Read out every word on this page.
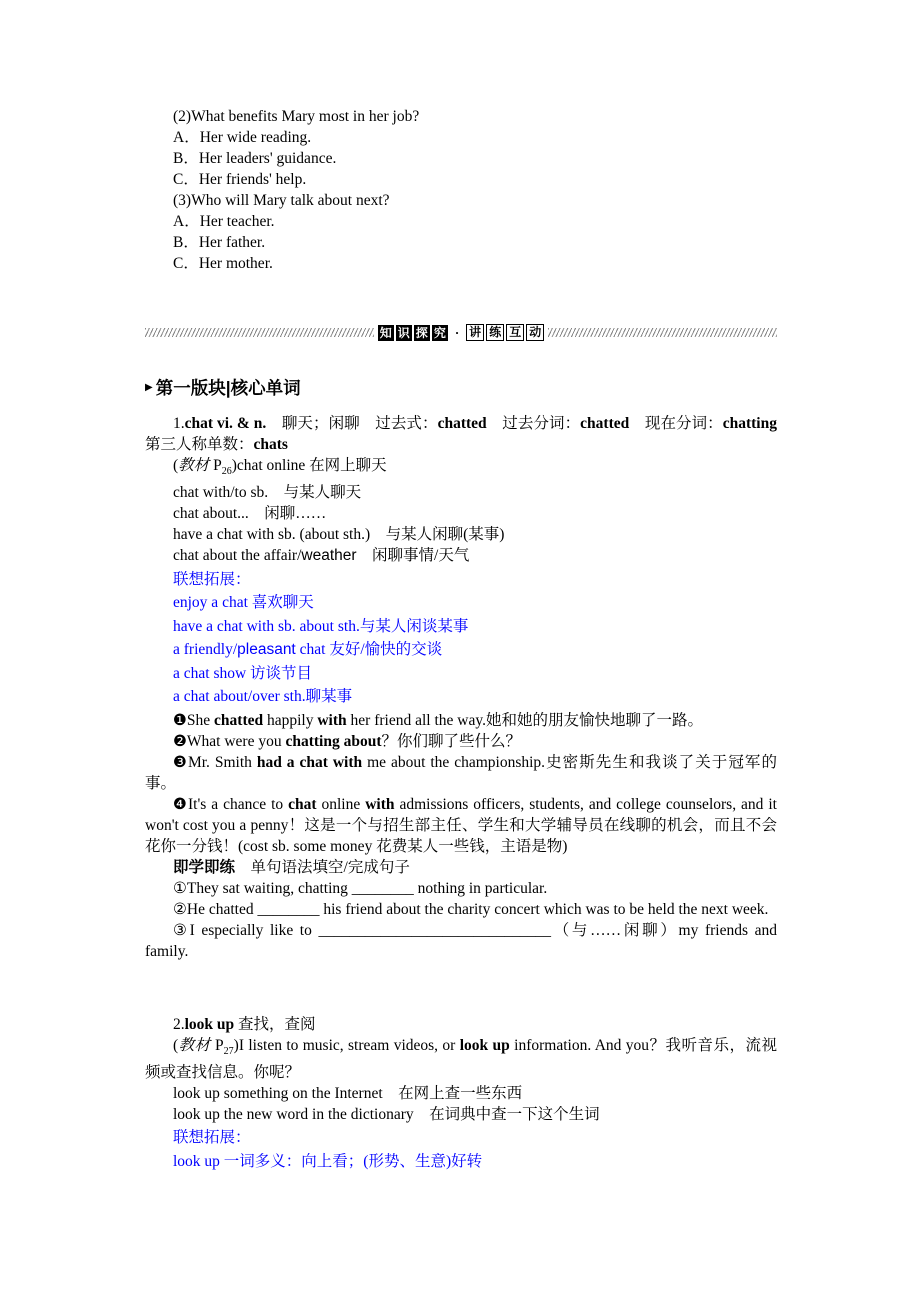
(2)What benefits Mary most in her job?

A．Her wide reading.

B．Her leaders' guidance.

C．Her friends' help.

(3)Who will Mary talk about next?

A．Her teacher.

B．Her father.

C．Her mother.

知 识 探 究 · 讲 练 互 动
▶ 第一版块|核心单词

1.chat vi. & n.　聊天；闲聊　过去式：chatted　过去分词：chatted　现在分词：chatting 第三人称单数：chats

(教材 $P_{26})chat$ online 在网上聊天

chat with/to sb.　与某人聊天

chat about...　闲聊……

have a chat with sb. (about sth.)　与某人闲聊(某事)

chat about the affair/weather　闲聊事情/天气

联想拓展：

enjoy a chat 喜欢聊天

have a chat with sb. about sth.与某人闲谈某事

a friendly/pleasant chat 友好/愉快的交谈

a chat show 访谈节目

a chat about/over sth.聊某事

❶She chatted happily with her friend all the way.她和她的朋友愉快地聊了一路。

❷What were you chatting about？你们聊了些什么？

❸Mr. Smith had a chat with me about the championship.史密斯先生和我谈了关于冠军的事。

❹It's a chance to chat online with admissions officers, students, and college counselors, and it won't cost you a penny！这是一个与招生部主任、学生和大学辅导员在线聊的机会，而且不会花你一分钱！(cost sb. some money 花费某人一些钱，主语是物)

即学即练　单句语法填空/完成句子

①They sat waiting, chatting ________ nothing in particular.

②He chatted ________ his friend about the charity concert which was to be held the next week.

③I especially like to ______________________________（与……闲聊）my friends and family.

2.look up 查找，查阅

(教材 $P_{27})I$ listen to music, stream videos, or look up information. And you？我听音乐，流视频或查找信息。你呢？

look up something on the Internet　在网上查一些东西

look up the new word in the dictionary　在词典中查一下这个生词

联想拓展：

look up 一词多义：向上看；(形势、生意)好转
